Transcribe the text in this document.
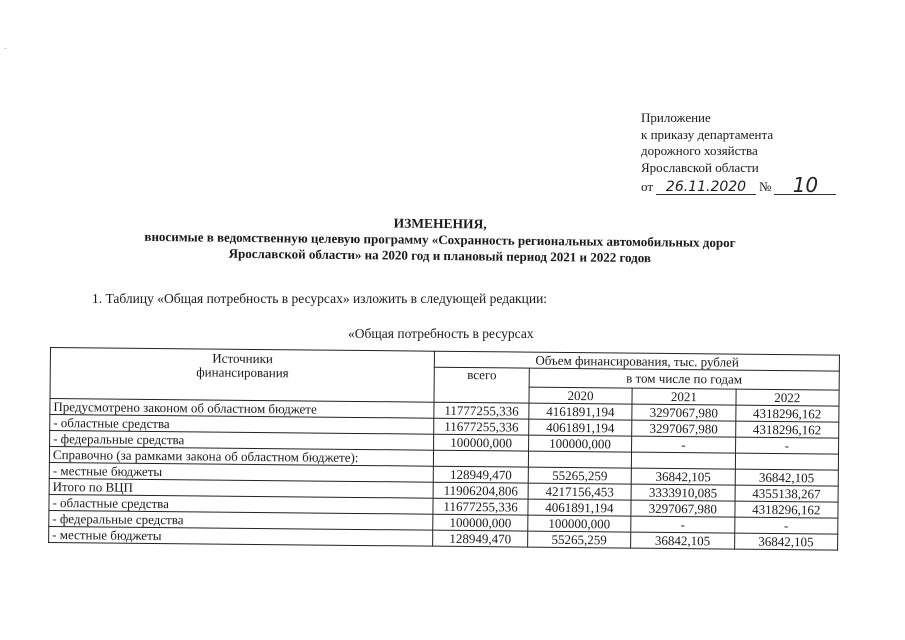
¨
Приложение
к приказу департамента
дорожного хозяйства
Ярославской области
от 26.11.2020 №	10
ИЗМЕНЕНИЯ,
вносимые в ведомственную целевую программу «Сохранность региональных автомобильных дорог
Ярославской области» на 2020 год и плановый период 2021 и 2022 годов
1. Таблицу «Общая потребность в ресурсах» изложить в следующей редакции:
«Общая потребность в ресурсах
Источники
финансирования	Объем финансирования, тыс. рублей			
	всего	в том числе по годам		
		2020	2021	2022
Предусмотрено законом об областном бюджете	11777255,336	4161891,194	3297067,980	4318296,162
- областные средства	11677255,336	4061891,194	3297067,980	4318296,162
- федеральные средства	100000,000	100000,000	-	-
Справочно (за рамками закона об областном бюджете):				
- местные бюджеты	128949,470	55265,259	36842,105	36842,105
Итого по ВЦП	11906204,806	4217156,453	3333910,085	4355138,267
- областные средства	11677255,336	4061891,194	3297067,980	4318296,162
- федеральные средства	100000,000	100000,000	-	-
- местные бюджеты	128949,470	55265,259	36842,105	36842,105
